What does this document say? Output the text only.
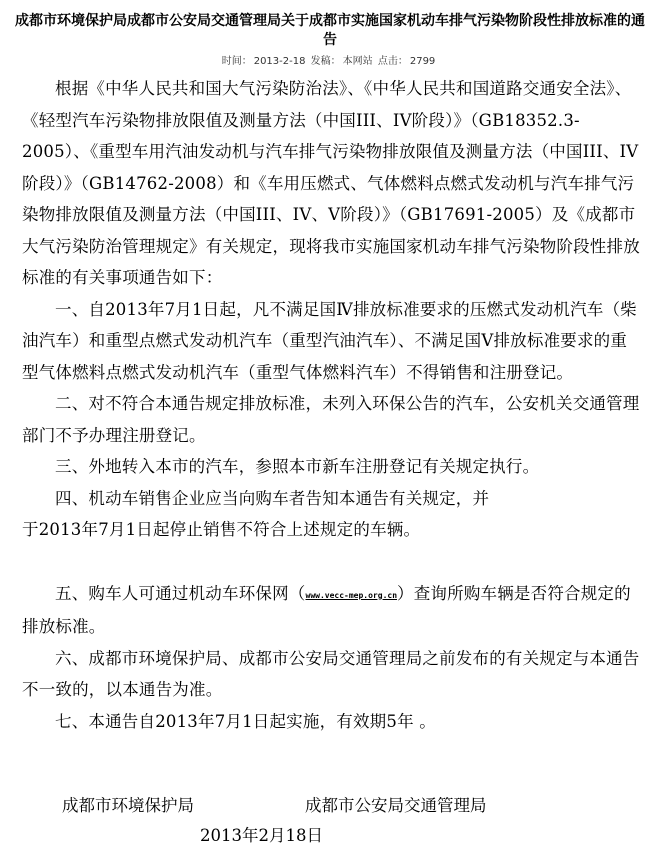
成都市环境保护局成都市公安局交通管理局关于成都市实施国家机动车排气污染物阶段性排放标准的通告
时间： 2013-2-18 发稿： 本网站 点击： 2799

根据《中华人民共和国大气污染防治法》、《中华人民共和国道路交通安全法》、《轻型汽车污染物排放限值及测量方法（中国III、IV阶段）》（GB18352.3-2005）、《重型车用汽油发动机与汽车排气污染物排放限值及测量方法（中国III、IV阶段）》（GB14762-2008）和《车用压燃式、气体燃料点燃式发动机与汽车排气污染物排放限值及测量方法（中国III、IV、V阶段）》（GB17691-2005）及《成都市大气污染防治管理规定》有关规定，现将我市实施国家机动车排气污染物阶段性排放标准的有关事项通告如下：

一、自2013年7月1日起，凡不满足国Ⅳ排放标准要求的压燃式发动机汽车（柴油汽车）和重型点燃式发动机汽车（重型汽油汽车）、不满足国Ⅴ排放标准要求的重型气体燃料点燃式发动机汽车（重型气体燃料汽车）不得销售和注册登记。

二、对不符合本通告规定排放标准，未列入环保公告的汽车，公安机关交通管理部门不予办理注册登记。

三、外地转入本市的汽车，参照本市新车注册登记有关规定执行。

四、机动车销售企业应当向购车者告知本通告有关规定，并
于2013年7月1日起停止销售不符合上述规定的车辆。

五、购车人可通过机动车环保网（www.vecc-mep.org.cn）查询所购车辆是否符合规定的排放标准。

六、成都市环境保护局、成都市公安局交通管理局之前发布的有关规定与本通告不一致的，以本通告为准。

七、本通告自2013年7月1日起实施，有效期5年 。

成都市环境保护局	成都市公安局交通管理局
2013年2月18日
